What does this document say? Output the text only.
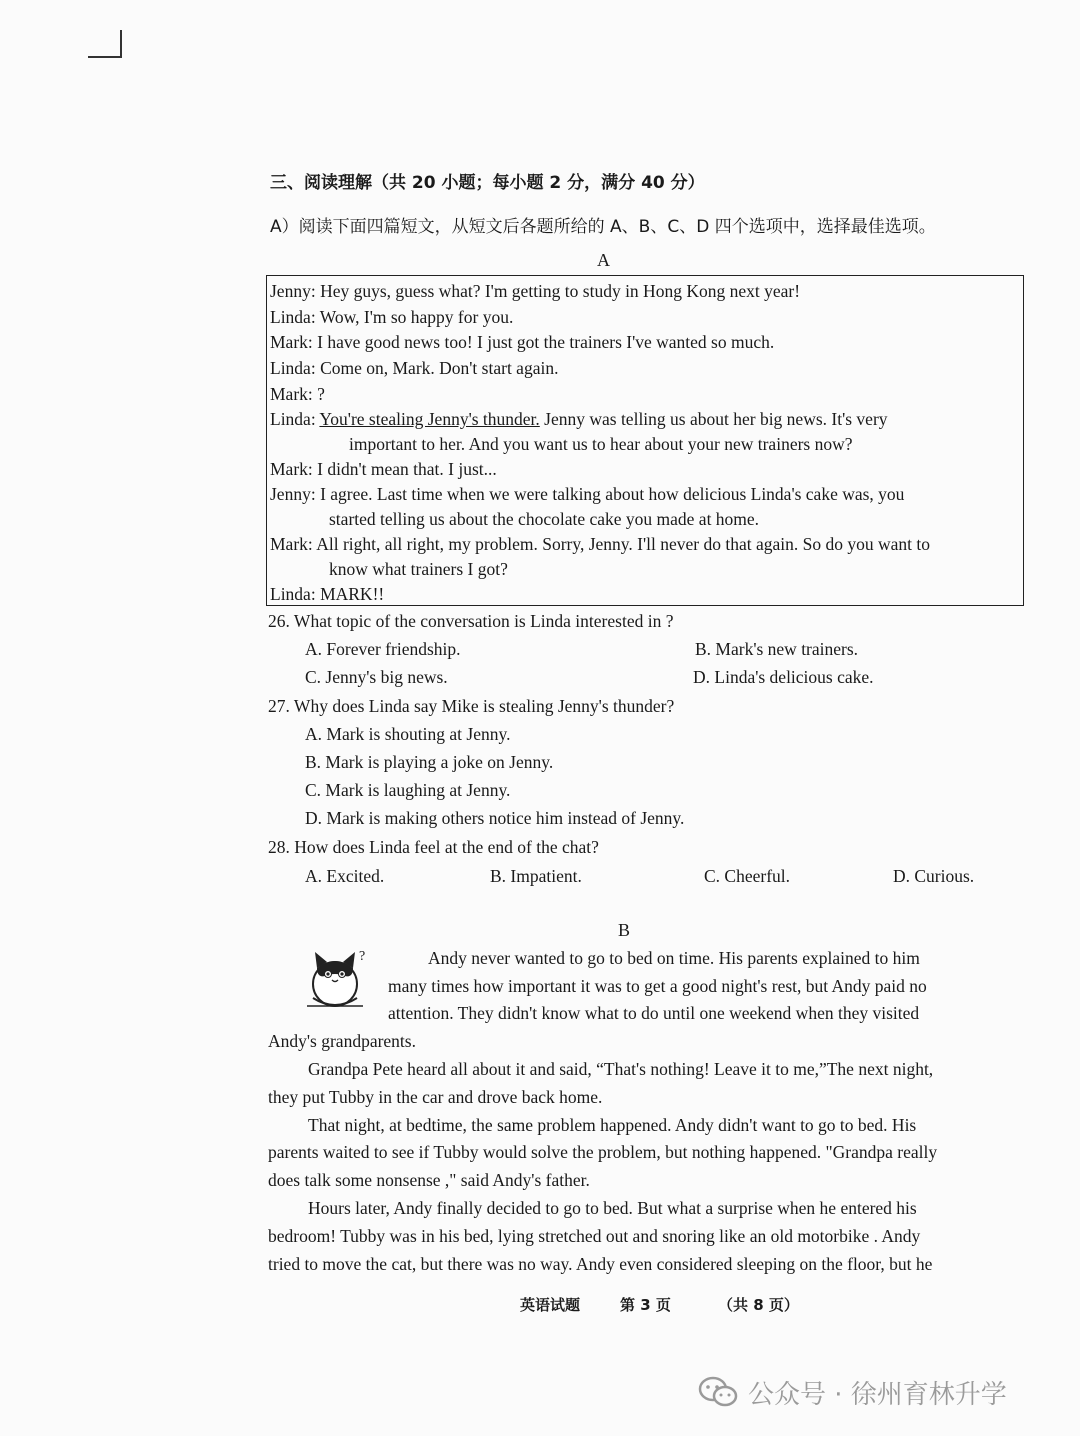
三、阅读理解（共 20 小题；每小题 2 分，满分 40 分）
A）阅读下面四篇短文，从短文后各题所给的 A、B、C、D 四个选项中，选择最佳选项。
A
Jenny: Hey guys, guess what? I'm getting to study in Hong Kong next year!
Linda: Wow, I'm so happy for you.
Mark: I have good news too! I just got the trainers I've wanted so much.
Linda: Come on, Mark. Don't start again.
Mark: ?
Linda: You're stealing Jenny's thunder. Jenny was telling us about her big news. It's very
important to her. And you want us to hear about your new trainers now?
Mark: I didn't mean that. I just...
Jenny: I agree. Last time when we were talking about how delicious Linda's cake was, you
started telling us about the chocolate cake you made at home.
Mark: All right, all right, my problem. Sorry, Jenny. I'll never do that again. So do you want to
know what trainers I got?
Linda: MARK!!
26. What topic of the conversation is Linda interested in ?
A. Forever friendship.	B. Mark's new trainers.
C. Jenny's big news.	D. Linda's delicious cake.
27. Why does Linda say Mike is stealing Jenny's thunder?
A. Mark is shouting at Jenny.
B. Mark is playing a joke on Jenny.
C. Mark is laughing at Jenny.
D. Mark is making others notice him instead of Jenny.
28. How does Linda feel at the end of the chat?
A. Excited.	B. Impatient.	C. Cheerful.	D. Curious.
B
?	Andy never wanted to go to bed on time. His parents explained to him
many times how important it was to get a good night's rest, but Andy paid no
attention. They didn't know what to do until one weekend when they visited
Andy's grandparents.
Grandpa Pete heard all about it and said, “That's nothing! Leave it to me,”The next night,
they put Tubby in the car and drove back home.
That night, at bedtime, the same problem happened. Andy didn't want to go to bed. His
parents waited to see if Tubby would solve the problem, but nothing happened. "Grandpa really
does talk some nonsense ," said Andy's father.
Hours later, Andy finally decided to go to bed. But what a surprise when he entered his
bedroom! Tubby was in his bed, lying stretched out and snoring like an old motorbike . Andy
tried to move the cat, but there was no way. Andy even considered sleeping on the floor, but he
英语试题	第 3 页	（共 8 页）
公众号 · 徐州育林升学
